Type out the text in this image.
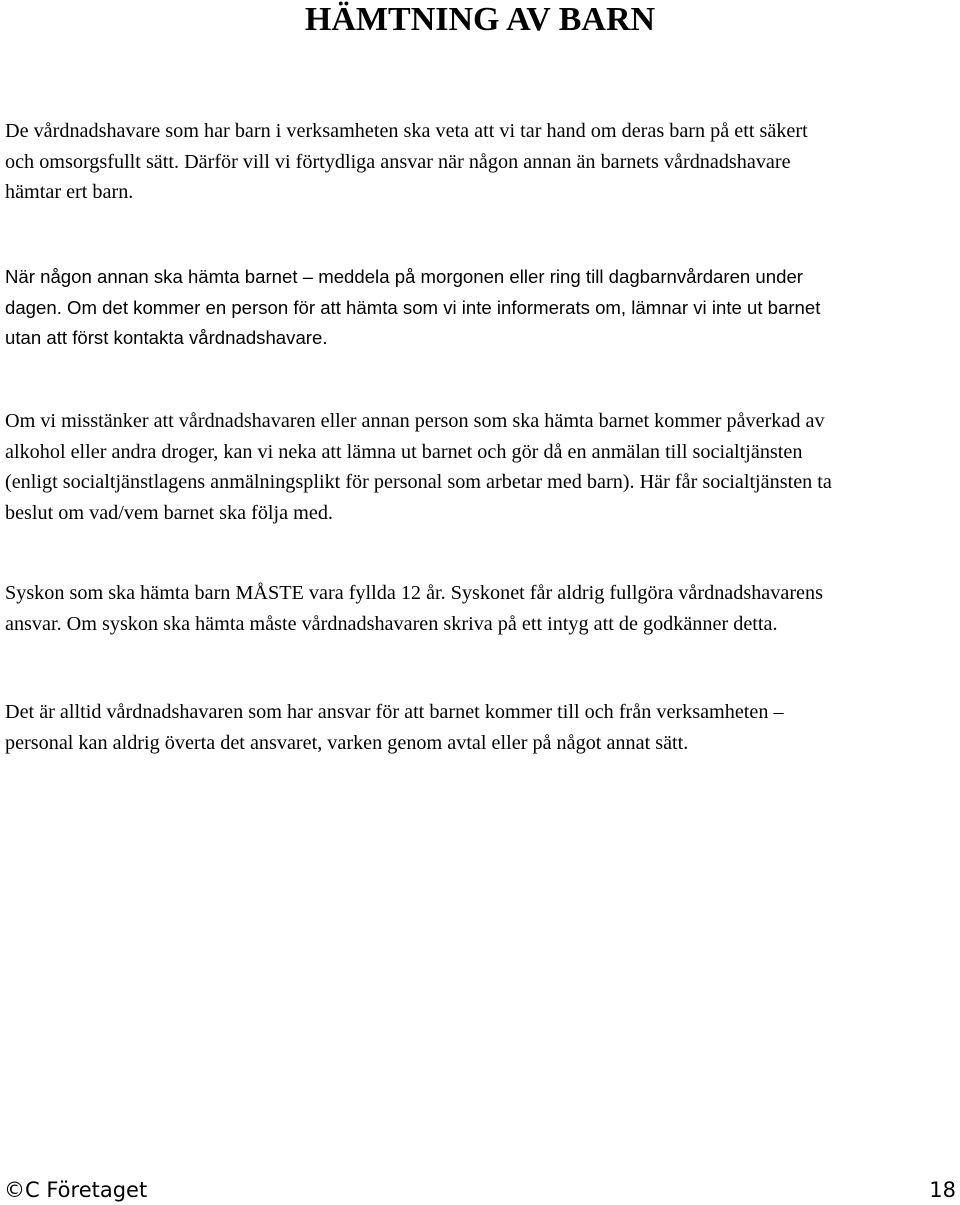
HÄMTNING AV BARN

De vårdnadshavare som har barn i verksamheten ska veta att vi tar hand om deras barn på ett säkert
och omsorgsfullt sätt. Därför vill vi förtydliga ansvar när någon annan än barnets vårdnadshavare
hämtar ert barn.

När någon annan ska hämta barnet – meddela på morgonen eller ring till dagbarnvårdaren under
dagen. Om det kommer en person för att hämta som vi inte informerats om, lämnar vi inte ut barnet
utan att först kontakta vårdnadshavare.

Om vi misstänker att vårdnadshavaren eller annan person som ska hämta barnet kommer påverkad av
alkohol eller andra droger, kan vi neka att lämna ut barnet och gör då en anmälan till socialtjänsten
(enligt socialtjänstlagens anmälningsplikt för personal som arbetar med barn). Här får socialtjänsten ta
beslut om vad/vem barnet ska följa med.

Syskon som ska hämta barn MÅSTE vara fyllda 12 år. Syskonet får aldrig fullgöra vårdnadshavarens
ansvar. Om syskon ska hämta måste vårdnadshavaren skriva på ett intyg att de godkänner detta.

Det är alltid vårdnadshavaren som har ansvar för att barnet kommer till och från verksamheten –
personal kan aldrig överta det ansvaret, varken genom avtal eller på något annat sätt.

©C Företaget	18
